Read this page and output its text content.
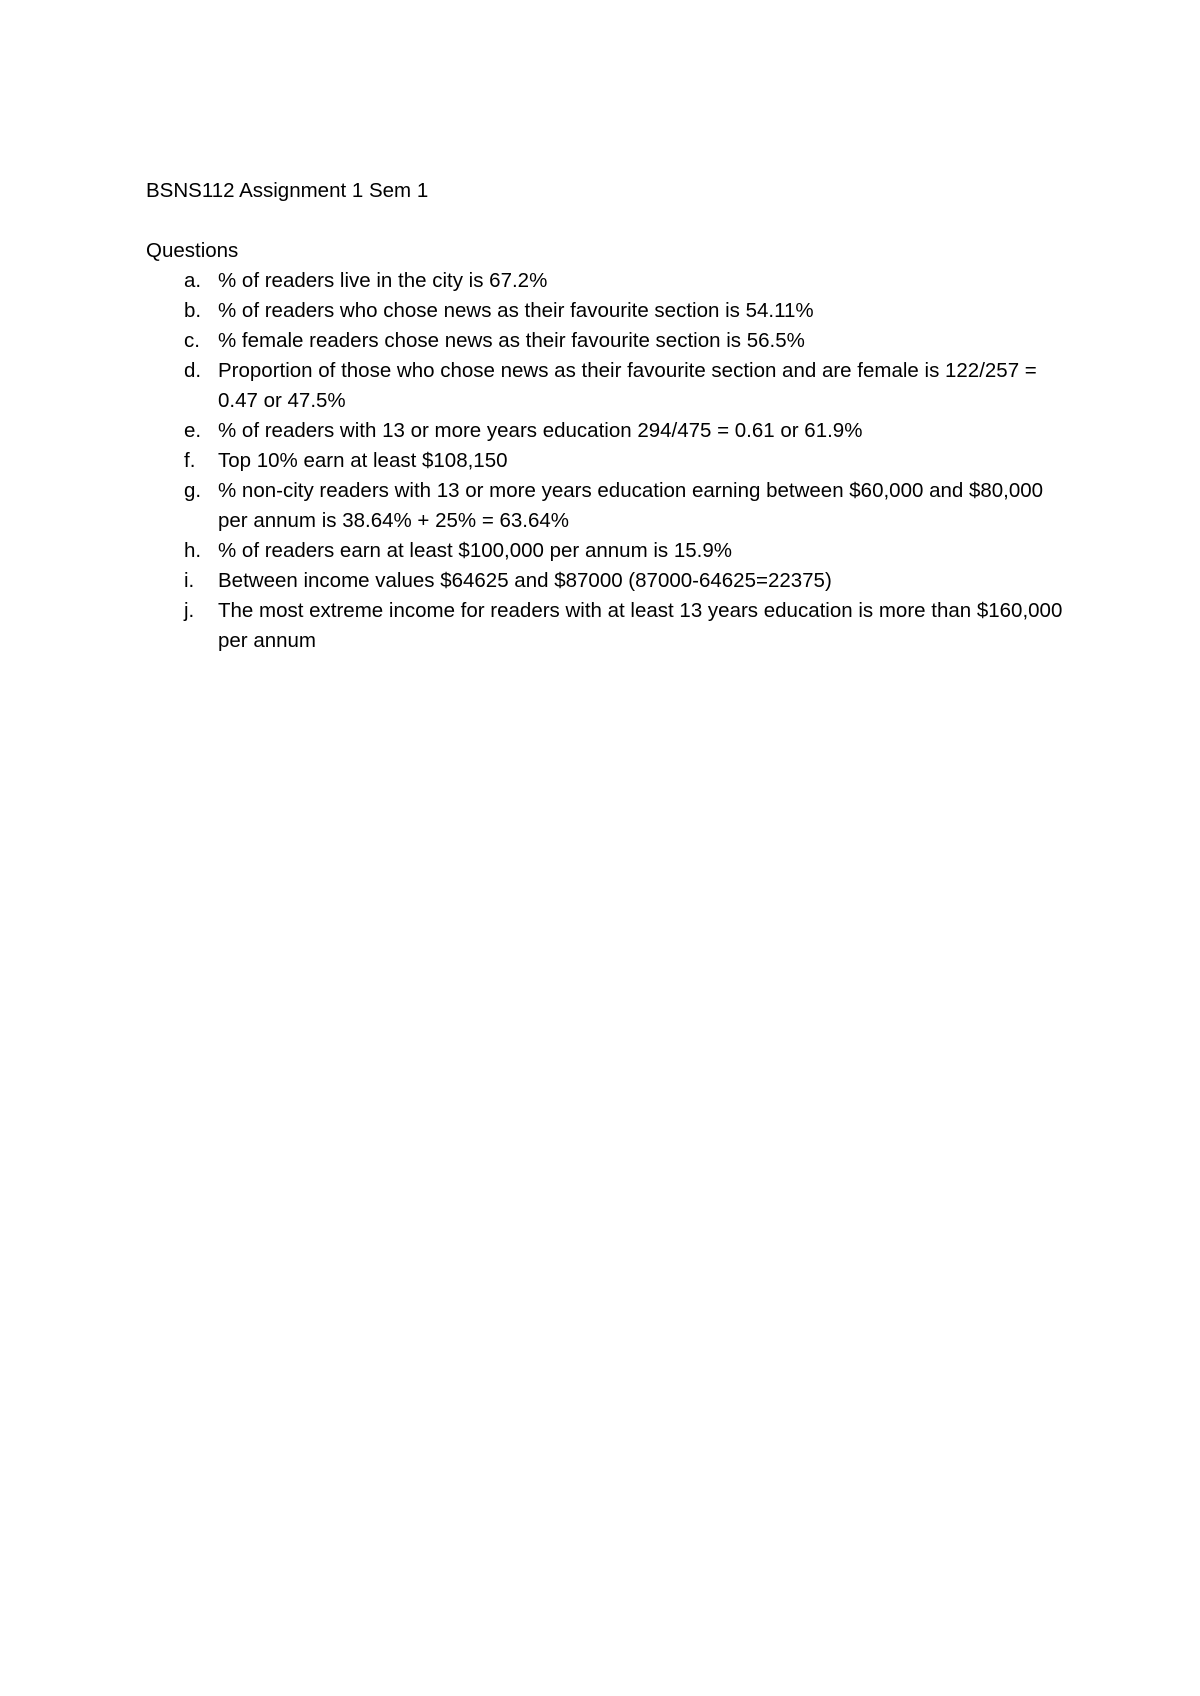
BSNS112 Assignment 1 Sem 1

Questions

a. % of readers live in the city is 67.2%
b. % of readers who chose news as their favourite section is 54.11%
c. % female readers chose news as their favourite section is 56.5%
d. Proportion of those who chose news as their favourite section and are female is 122/257 = 0.47 or 47.5%
e. % of readers with 13 or more years education 294/475 = 0.61 or 61.9%
f. Top 10% earn at least $108,150
g. % non-city readers with 13 or more years education earning between $60,000 and $80,000 per annum is 38.64% + 25% = 63.64%
h. % of readers earn at least $100,000 per annum is 15.9%
i. Between income values $64625 and $87000 (87000-64625=22375)
j. The most extreme income for readers with at least 13 years education is more than $160,000 per annum
